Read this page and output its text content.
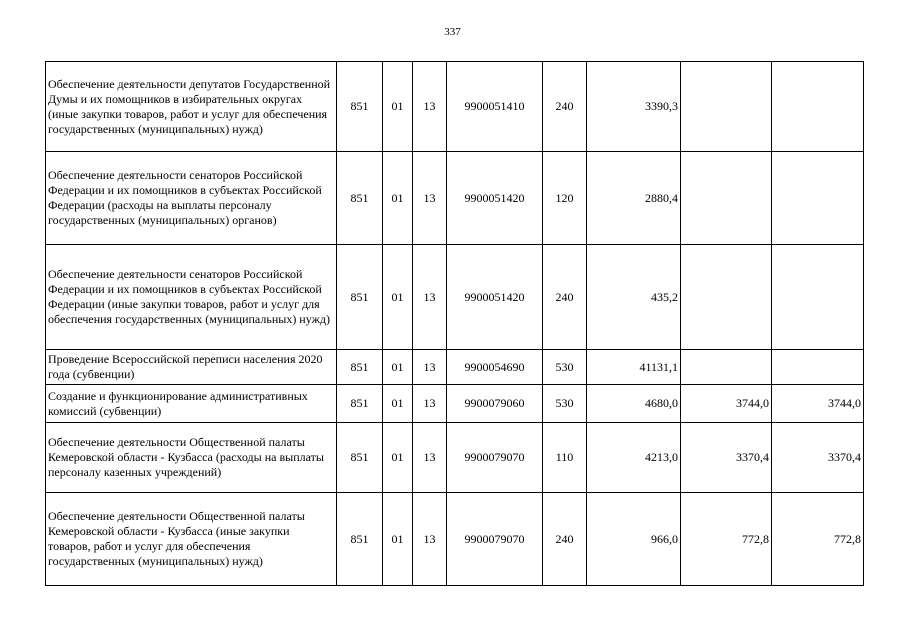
337
Обеспечение деятельности депутатов Государственной Думы и их помощников в избирательных округах (иные закупки товаров, работ и услуг для обеспечения государственных (муниципальных) нужд)	851	01	13	9900051410	240	3390,3		
Обеспечение деятельности сенаторов Российской Федерации и их помощников в субъектах Российской Федерации (расходы на выплаты персоналу государственных (муниципальных) органов)	851	01	13	9900051420	120	2880,4		
Обеспечение деятельности сенаторов Российской Федерации и их помощников в субъектах Российской Федерации (иные закупки товаров, работ и услуг для обеспечения государственных (муниципальных) нужд)	851	01	13	9900051420	240	435,2		
Проведение Всероссийской переписи населения 2020 года (субвенции)	851	01	13	9900054690	530	41131,1		
Создание и функционирование административных комиссий (субвенции)	851	01	13	9900079060	530	4680,0	3744,0	3744,0
Обеспечение деятельности Общественной палаты Кемеровской области - Кузбасса (расходы на выплаты персоналу казенных учреждений)	851	01	13	9900079070	110	4213,0	3370,4	3370,4
Обеспечение деятельности Общественной палаты Кемеровской области - Кузбасса (иные закупки товаров, работ и услуг для обеспечения государственных (муниципальных) нужд)	851	01	13	9900079070	240	966,0	772,8	772,8
